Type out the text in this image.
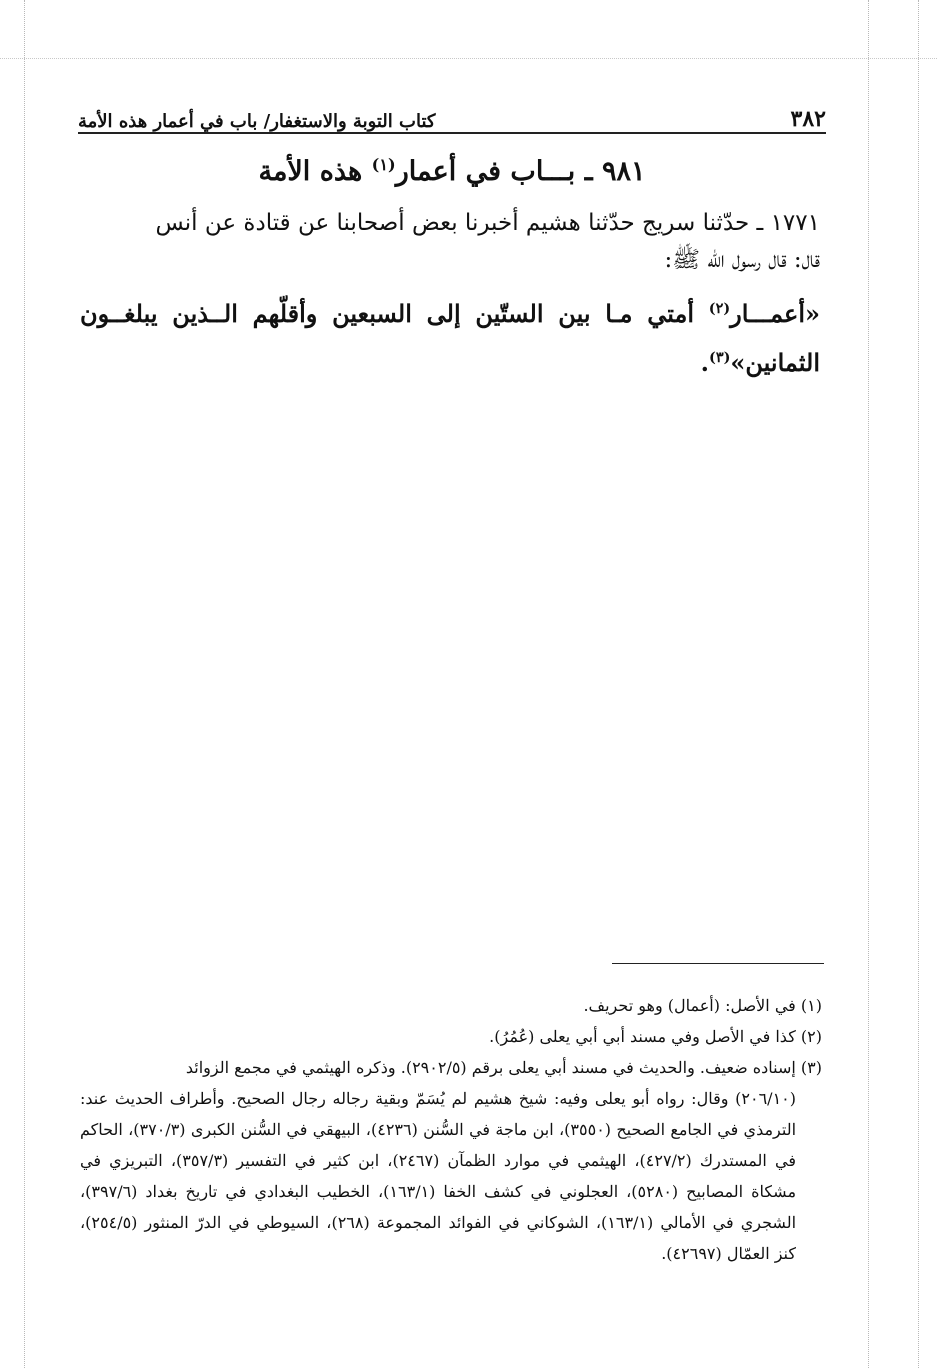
كتاب التوبة والاستغفار/ باب في أعمار هذه الأمة	٣٨٢
٩٨١ ـ بـــاب في أعمار$^{(١)}$ هذه الأمة

١٧٧١ ـ حدّثنا سريج حدّثنا هشيم أخبرنا بعض أصحابنا عن قتادة عن أنس

قال: قال رسول الله ﷺ:

«أعمـــار$^{(٢)}$ أمتي مـا بين الستّين إلى السبعين وأقلّهم الــذين يبلغــون الثمانين»$^{(٣)}$.

(١) في الأصل: (أعمال) وهو تحريف.
(٢) كذا في الأصل وفي مسند أبي أبي يعلى (عُمُرُ).
(٣) إسناده ضعيف. والحديث في مسند أبي يعلى برقم (٢٩٠٢/٥). وذكره الهيثمي في مجمع الزوائد
(٢٠٦/١٠) وقال: رواه أبو يعلى وفيه: شيخ هشيم لم يُسَمّ وبقية رجاله رجال الصحيح. وأطراف الحديث عند: الترمذي في الجامع الصحيح (٣٥٥٠)، ابن ماجة في السُّنن (٤٢٣٦)، البيهقي في السُّنن الكبرى (٣٧٠/٣)، الحاكم في المستدرك (٤٢٧/٢)، الهيثمي في موارد الظمآن (٢٤٦٧)، ابن كثير في التفسير (٣٥٧/٣)، التبريزي في مشكاة المصابيح (٥٢٨٠)، العجلوني في كشف الخفا (١٦٣/١)، الخطيب البغدادي في تاريخ بغداد (٣٩٧/٦)، الشجري في الأمالي (١٦٣/١)، الشوكاني في الفوائد المجموعة (٢٦٨)، السيوطي في الدرّ المنثور (٢٥٤/٥)، كنز العمّال (٤٢٦٩٧).
